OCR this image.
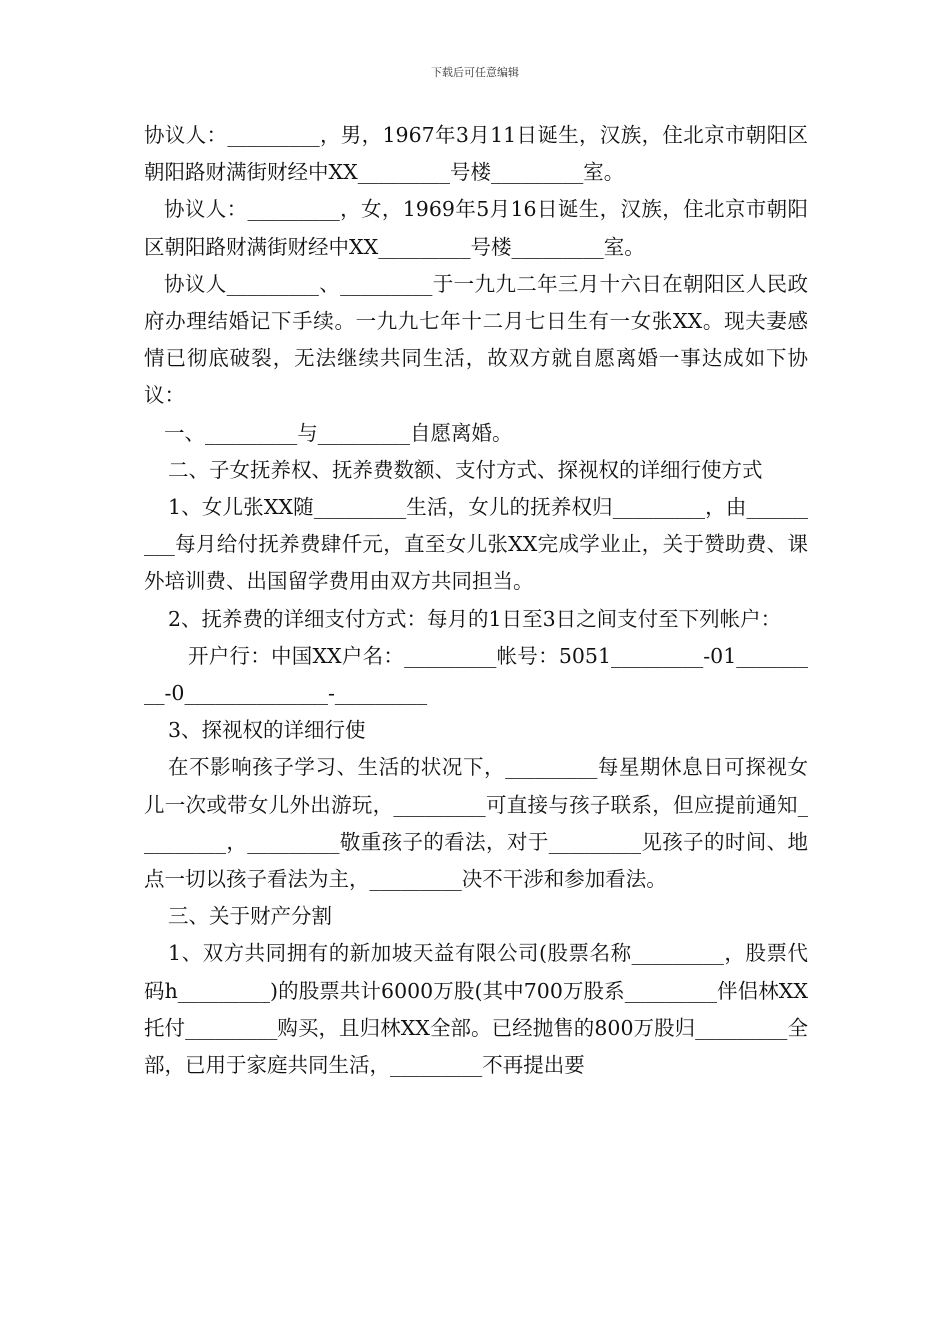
下载后可任意编辑

协议人：_________，男，1967年3月11日诞生，汉族，住北京市朝阳区朝阳路财满街财经中XX_________号楼_________室。

协议人：_________，女，1969年5月16日诞生，汉族，住北京市朝阳区朝阳路财满街财经中XX_________号楼_________室。

协议人_________、_________于一九九二年三月十六日在朝阳区人民政府办理结婚记下手续。一九九七年十二月七日生有一女张XX。现夫妻感情已彻底破裂，无法继续共同生活，故双方就自愿离婚一事达成如下协议：

一、_________与_________自愿离婚。

二、子女抚养权、抚养费数额、支付方式、探视权的详细行使方式

1、女儿张XX随_________生活，女儿的抚养权归_________，由_________每月给付抚养费肆仟元，直至女儿张XX完成学业止，关于赞助费、课外培训费、出国留学费用由双方共同担当。

2、抚养费的详细支付方式：每月的1日至3日之间支付至下列帐户：

开户行：中国XX户名：_________帐号：5051_________-01_________-0______________-_________

3、探视权的详细行使

在不影响孩子学习、生活的状况下，_________每星期休息日可探视女儿一次或带女儿外出游玩，_________可直接与孩子联系，但应提前通知_________，_________敬重孩子的看法，对于_________见孩子的时间、地点一切以孩子看法为主，_________决不干涉和参加看法。

三、关于财产分割

1、双方共同拥有的新加坡天益有限公司(股票名称_________，股票代码h_________)的股票共计6000万股(其中700万股系_________伴侣林XX托付_________购买，且归林XX全部。已经抛售的800万股归_________全部，已用于家庭共同生活，_________不再提出要
